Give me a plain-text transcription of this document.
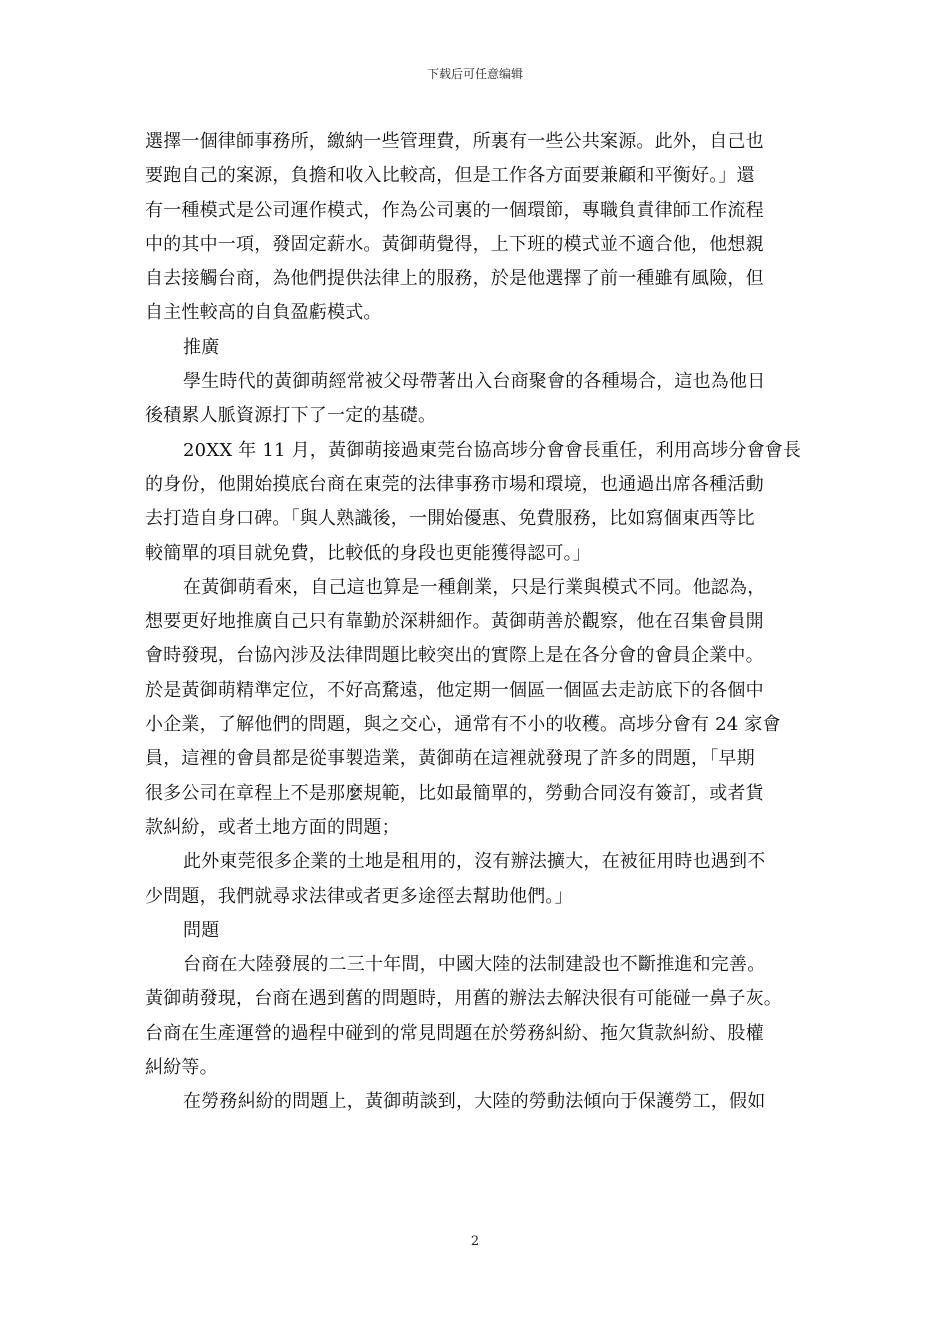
下载后可任意编辑
選擇一個律師事務所，繳納一些管理費，所裏有一些公共案源。此外，自己也
要跑自己的案源，負擔和收入比較高，但是工作各方面要兼顧和平衡好。」還
有一種模式是公司運作模式，作為公司裏的一個環節，專職負責律師工作流程
中的其中一項，發固定薪水。黃御萌覺得，上下班的模式並不適合他，他想親
自去接觸台商，為他們提供法律上的服務，於是他選擇了前一種雖有風險，但
自主性較高的自負盈虧模式。
推廣
學生時代的黃御萌經常被父母帶著出入台商聚會的各種場合，這也為他日
後積累人脈資源打下了一定的基礎。
20XX 年 11 月，黃御萌接過東莞台協高埗分會會長重任，利用高埗分會會長
的身份，他開始摸底台商在東莞的法律事務市場和環境，也通過出席各種活動
去打造自身口碑。「與人熟識後，一開始優惠、免費服務，比如寫個東西等比
較簡單的項目就免費，比較低的身段也更能獲得認可。」
在黃御萌看來，自己這也算是一種創業，只是行業與模式不同。他認為，
想要更好地推廣自己只有靠勤於深耕細作。黃御萌善於觀察，他在召集會員開
會時發現，台協內涉及法律問題比較突出的實際上是在各分會的會員企業中。
於是黃御萌精準定位，不好高騖遠，他定期一個區一個區去走訪底下的各個中
小企業，了解他們的問題，與之交心，通常有不小的收穫。高埗分會有 24 家會
員，這裡的會員都是從事製造業，黃御萌在這裡就發現了許多的問題，「早期
很多公司在章程上不是那麼規範，比如最簡單的，勞動合同沒有簽訂，或者貨
款糾紛，或者土地方面的問題；
此外東莞很多企業的土地是租用的，沒有辦法擴大，在被征用時也遇到不
少問題，我們就尋求法律或者更多途徑去幫助他們。」
問題
台商在大陸發展的二三十年間，中國大陸的法制建設也不斷推進和完善。
黃御萌發現，台商在遇到舊的問題時，用舊的辦法去解決很有可能碰一鼻子灰。
台商在生產運營的過程中碰到的常見問題在於勞務糾紛、拖欠貨款糾紛、股權
糾紛等。
在勞務糾紛的問題上，黃御萌談到，大陸的勞動法傾向于保護勞工，假如
2
